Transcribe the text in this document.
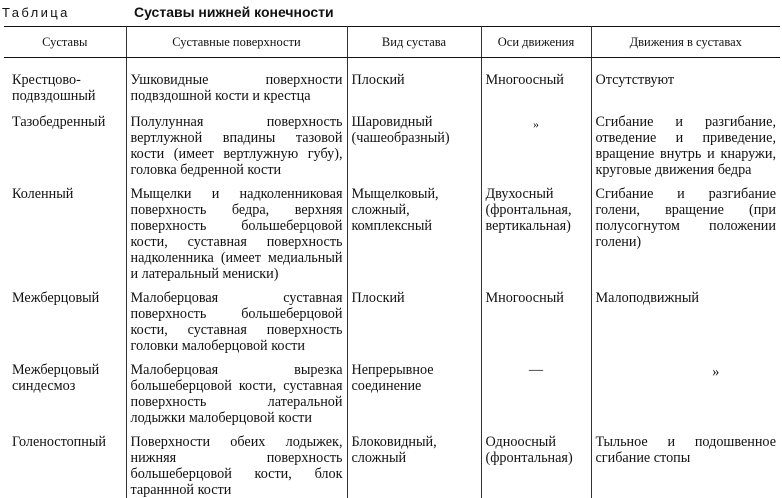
Таблица	Суставы нижней конечности
Суставы	Суставные поверхности	Вид сустава	Оси движения	Движения в суставах
Крестцово-подвздошный	Ушковидные поверхности подвздошной кости и крестца	Плоский	Многоосный	Отсутствуют
Тазобедренный	Полулунная поверхность вертлужной впадины тазовой кости (имеет вертлужную губу), головка бедренной кости	Шаровидный (чашеобразный)	»	Сгибание и разгибание, отведение и приведение, вращение внутрь и кнаружи, круговые движения бедра
Коленный	Мыщелки и надколенниковая поверхность бедра, верхняя поверхность большеберцовой кости, суставная поверхность надколенника (имеет медиальный и латеральный мениски)	Мыщелковый, сложный, комплексный	Двухосный (фронтальная, вертикальная)	Сгибание и разгибание голени, вращение (при полусогнутом положении голени)
Межберцовый	Малоберцовая суставная поверхность большеберцовой кости, суставная поверхность головки малоберцовой кости	Плоский	Многоосный	Малоподвижный
Межберцовый синдесмоз	Малоберцовая вырезка большеберцовой кости, суставная поверхность латеральной лодыжки малоберцовой кости	Непрерывное соединение	—	»

Голеностопный	Поверхности обеих лодыжек, нижняя поверхность большеберцовой кости, блок тараннной кости	Блоковидный, сложный	Одноосный (фронтальная)	Тыльное и подошвенное сгибание стопы
